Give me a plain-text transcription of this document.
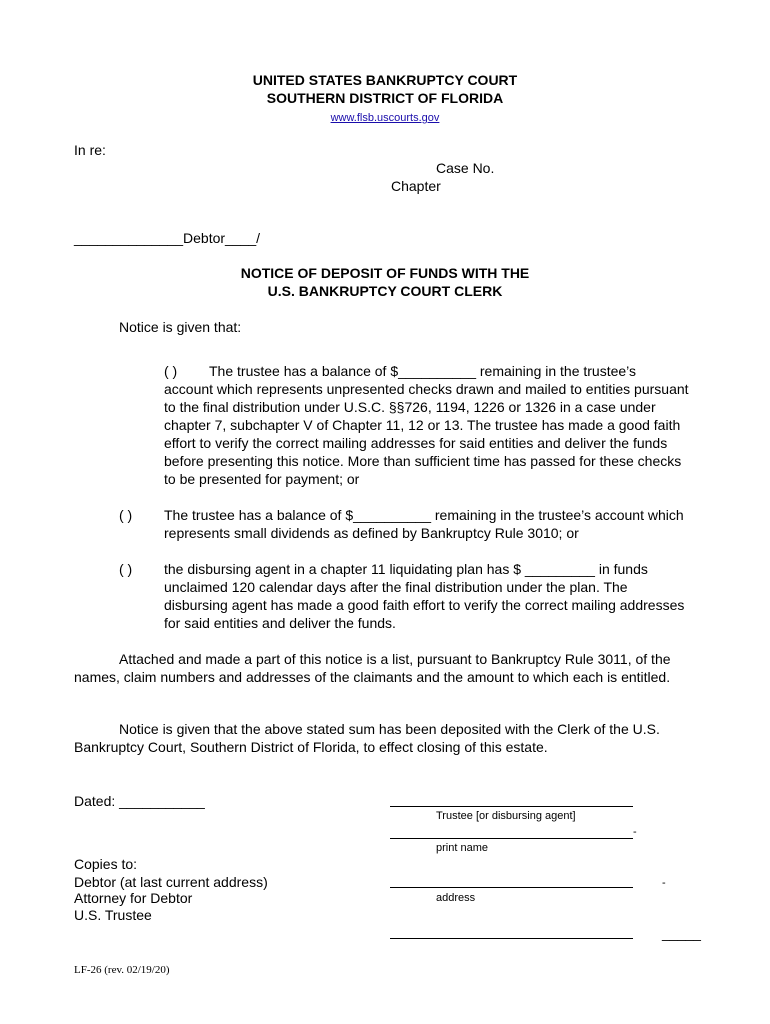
UNITED STATES BANKRUPTCY COURT
SOUTHERN DISTRICT OF FLORIDA
www.flsb.uscourts.gov
In re:
Case No.
Chapter
______________Debtor____/
NOTICE OF DEPOSIT OF FUNDS WITH THE
U.S. BANKRUPTCY COURT CLERK
Notice is given that:
( ) The trustee has a balance of $__________ remaining in the trustee’s
account which represents unpresented checks drawn and mailed to entities pursuant to the final distribution under U.S.C. §§726, 1194, 1226 or 1326 in a case under chapter 7, subchapter V of Chapter 11, 12 or 13. The trustee has made a good faith effort to verify the correct mailing addresses for said entities and deliver the funds before presenting this notice. More than sufficient time has passed for these checks to be presented for payment; or
( ) The trustee has a balance of $__________ remaining in the trustee’s account which represents small dividends as defined by Bankruptcy Rule 3010; or
( ) the disbursing agent in a chapter 11 liquidating plan has $ _________ in funds unclaimed 120 calendar days after the final distribution under the plan. The disbursing agent has made a good faith effort to verify the correct mailing addresses for said entities and deliver the funds.
Attached and made a part of this notice is a list, pursuant to Bankruptcy Rule 3011, of the names, claim numbers and addresses of the claimants and the amount to which each is entitled.
Notice is given that the above stated sum has been deposited with the Clerk of the U.S. Bankruptcy Court, Southern District of Florida, to effect closing of this estate.
Dated: ___________
Trustee [or disbursing agent]
-
print name
-
address
_____
Copies to:
Debtor (at last current address)
Attorney for Debtor
U.S. Trustee
LF-26 (rev. 02/19/20)
